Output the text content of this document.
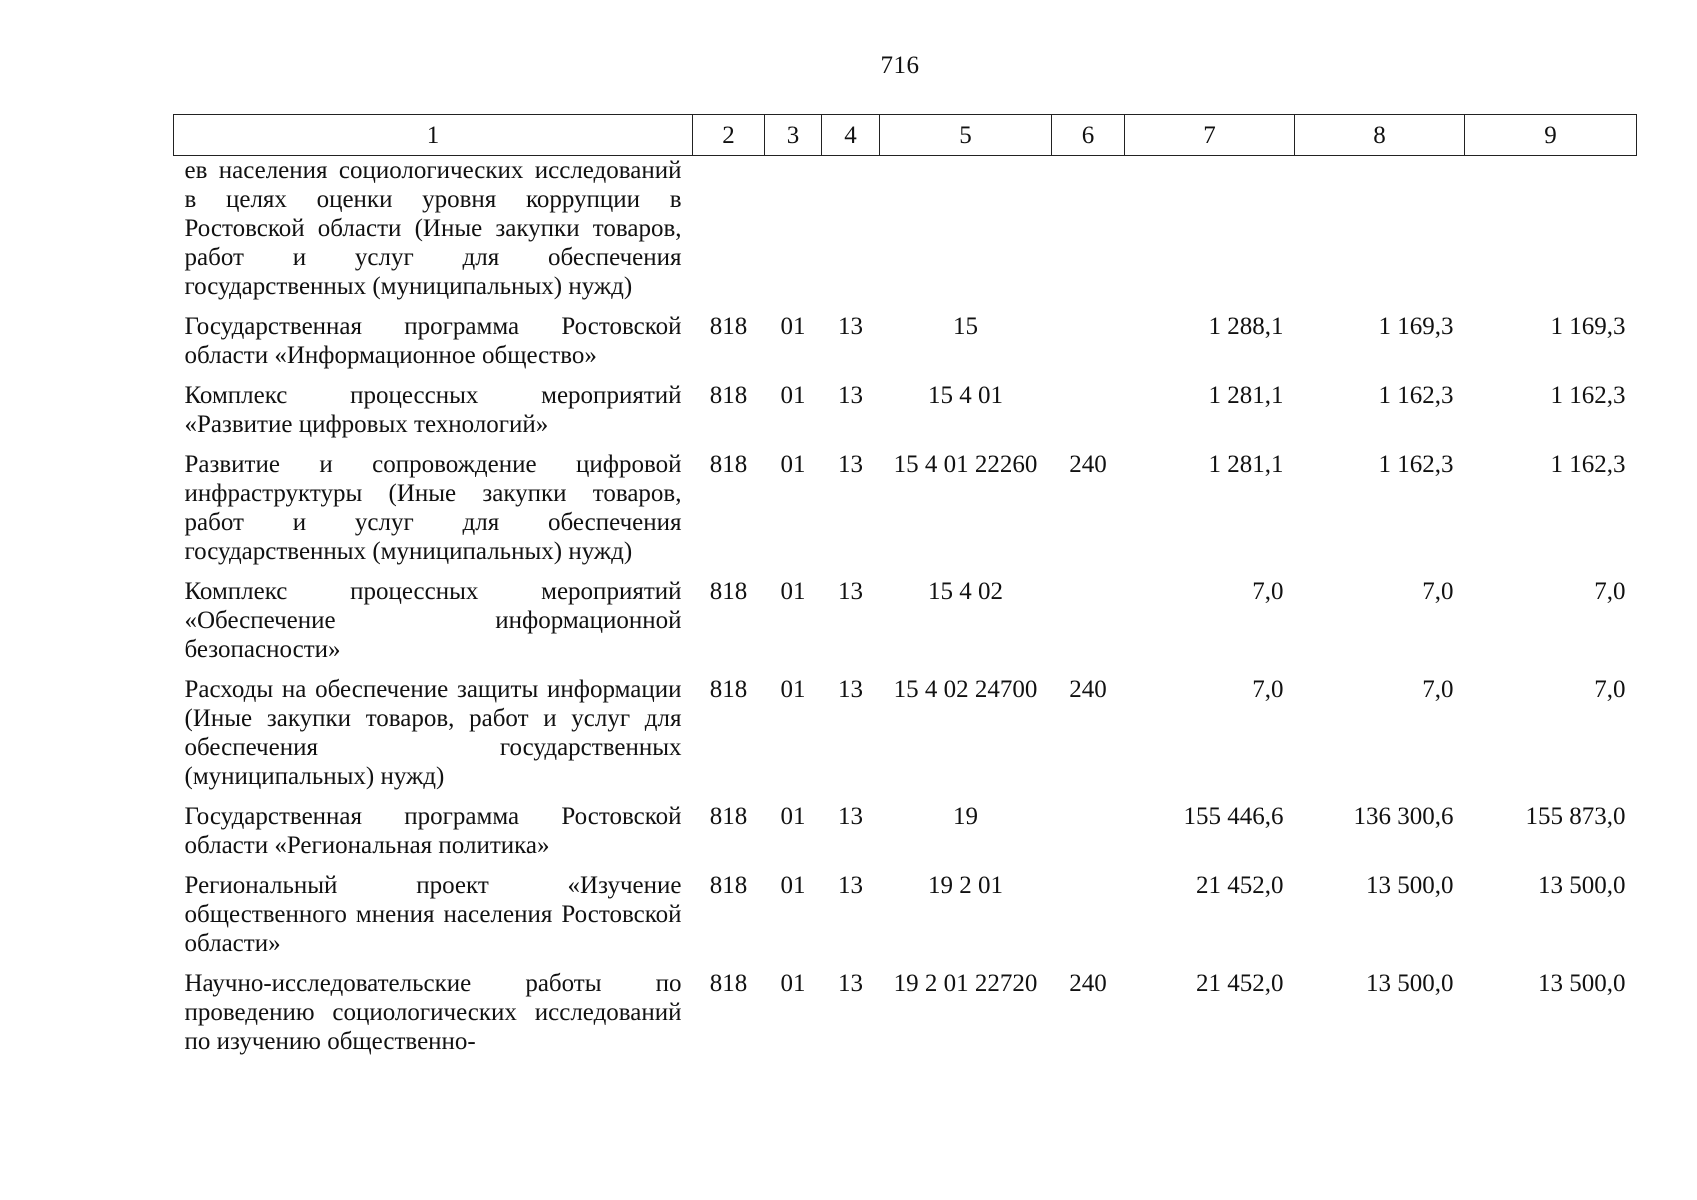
716
1	2	3	4	5	6	7	8	9
ев населения социологических исследований в целях оценки уровня коррупции в Ростовской области (Иные закупки товаров, работ и услуг для обеспечения государственных (муниципальных) нужд)								
Государственная программа Ростовской области «Информационное общество»	818	01	13	15		1 288,1	1 169,3	1 169,3
Комплекс процессных мероприятий «Развитие цифровых технологий»	818	01	13	15 4 01		1 281,1	1 162,3	1 162,3
Развитие и сопровождение цифровой инфраструктуры (Иные закупки товаров, работ и услуг для обеспечения государственных (муниципальных) нужд)	818	01	13	15 4 01 22260	240	1 281,1	1 162,3	1 162,3
Комплекс процессных мероприятий «Обеспечение информационной безопасности»	818	01	13	15 4 02		7,0	7,0	7,0
Расходы на обеспечение защиты информации (Иные закупки товаров, работ и услуг для обеспечения государственных (муниципальных) нужд)	818	01	13	15 4 02 24700	240	7,0	7,0	7,0
Государственная программа Ростовской области «Региональная политика»	818	01	13	19		155 446,6	136 300,6	155 873,0
Региональный проект «Изучение общественного мнения населения Ростовской области»	818	01	13	19 2 01		21 452,0	13 500,0	13 500,0
Научно-исследовательские работы по проведению социологических исследований по изучению общественно-	818	01	13	19 2 01 22720	240	21 452,0	13 500,0	13 500,0
